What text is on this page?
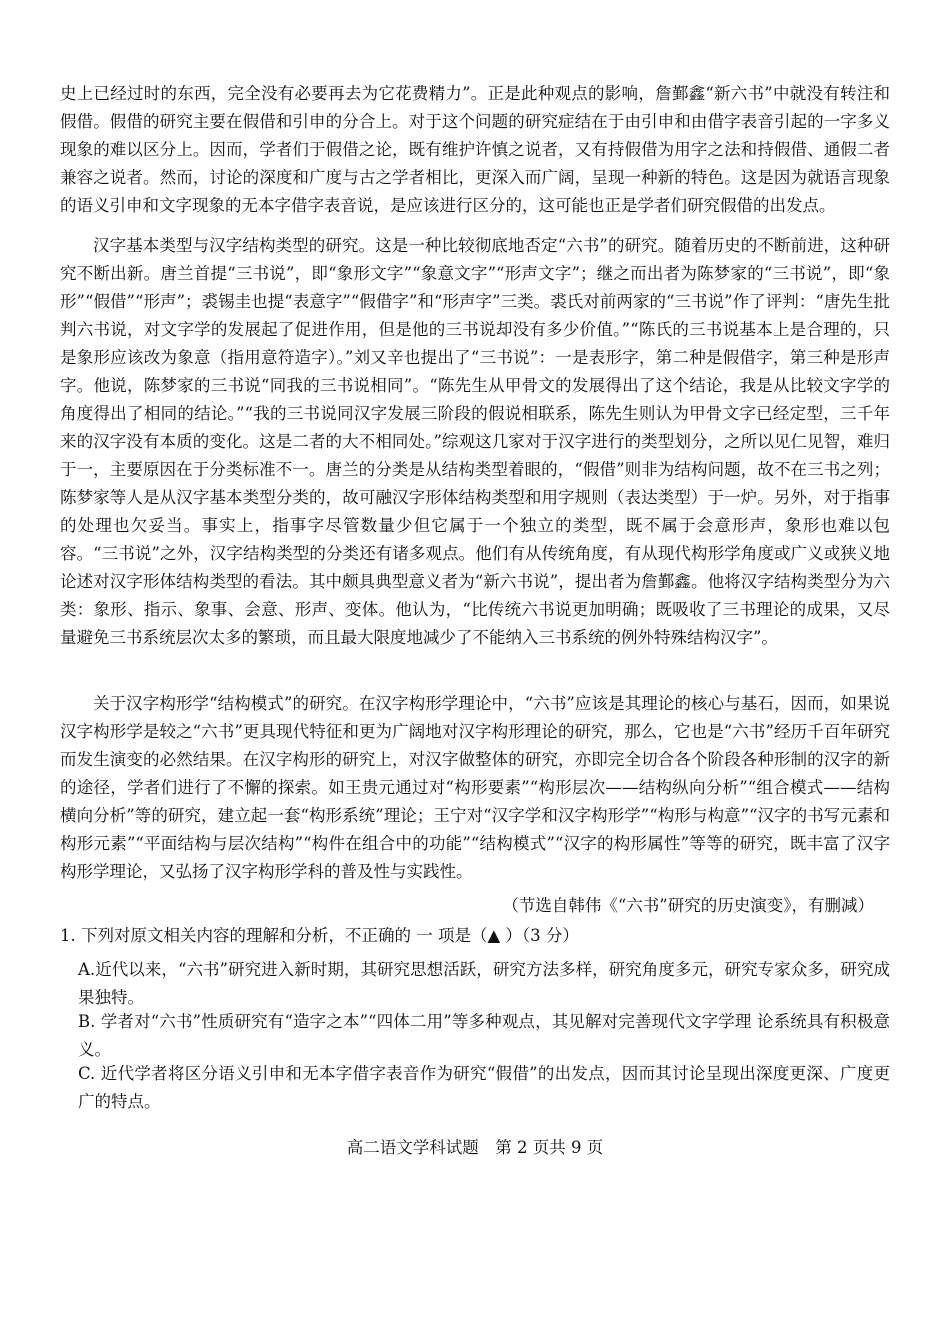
史上已经过时的东西，完全没有必要再去为它花费精力”。正是此种观点的影响，詹鄞鑫“新六书”中就没有转注和假借。假借的研究主要在假借和引申的分合上。对于这个问题的研究症结在于由引申和由借字表音引起的一字多义现象的难以区分上。因而，学者们于假借之论，既有维护许慎之说者，又有持假借为用字之法和持假借、通假二者兼容之说者。然而，讨论的深度和广度与古之学者相比，更深入而广阔，呈现一种新的特色。这是因为就语言现象的语义引申和文字现象的无本字借字表音说，是应该进行区分的，这可能也正是学者们研究假借的出发点。

汉字基本类型与汉字结构类型的研究。这是一种比较彻底地否定“六书”的研究。随着历史的不断前进，这种研究不断出新。唐兰首提“三书说”，即“象形文字”“象意文字”“形声文字”；继之而出者为陈梦家的“三书说”，即“象形”“假借”“形声”；裘锡圭也提“表意字”“假借字”和“形声字”三类。裘氏对前两家的“三书说”作了评判：“唐先生批判六书说，对文字学的发展起了促进作用，但是他的三书说却没有多少价值。”“陈氏的三书说基本上是合理的，只是象形应该改为象意（指用意符造字）。”刘又辛也提出了“三书说”：一是表形字，第二种是假借字，第三种是形声字。他说，陈梦家的三书说“同我的三书说相同”。“陈先生从甲骨文的发展得出了这个结论，我是从比较文字学的角度得出了相同的结论。”“我的三书说同汉字发展三阶段的假说相联系，陈先生则认为甲骨文字已经定型，三千年来的汉字没有本质的变化。这是二者的大不相同处。”综观这几家对于汉字进行的类型划分，之所以见仁见智，难归于一，主要原因在于分类标准不一。唐兰的分类是从结构类型着眼的，“假借”则非为结构问题，故不在三书之列；陈梦家等人是从汉字基本类型分类的，故可融汉字形体结构类型和用字规则（表达类型）于一炉。另外，对于指事的处理也欠妥当。事实上，指事字尽管数量少但它属于一个独立的类型，既不属于会意形声，象形也难以包容。“三书说”之外，汉字结构类型的分类还有诸多观点。他们有从传统角度，有从现代构形学角度或广义或狭义地论述对汉字形体结构类型的看法。其中颇具典型意义者为“新六书说”，提出者为詹鄞鑫。他将汉字结构类型分为六类：象形、指示、象事、会意、形声、变体。他认为，“比传统六书说更加明确；既吸收了三书理论的成果，又尽量避免三书系统层次太多的繁琐，而且最大限度地减少了不能纳入三书系统的例外特殊结构汉字”。

关于汉字构形学“结构模式”的研究。在汉字构形学理论中，“六书”应该是其理论的核心与基石，因而，如果说汉字构形学是较之“六书”更具现代特征和更为广阔地对汉字构形理论的研究，那么，它也是“六书”经历千百年研究而发生演变的必然结果。在汉字构形的研究上，对汉字做整体的研究，亦即完全切合各个阶段各种形制的汉字的新的途径，学者们进行了不懈的探索。如王贵元通过对“构形要素”“构形层次——结构纵向分析”“组合模式——结构横向分析”等的研究，建立起一套“构形系统”理论；王宁对“汉字学和汉字构形学”“构形与构意”“汉字的书写元素和构形元素”“平面结构与层次结构”“构件在组合中的功能”“结构模式”“汉字的构形属性”等等的研究，既丰富了汉字构形学理论，又弘扬了汉字构形学科的普及性与实践性。

（节选自韩伟《“六书”研究的历史演变》，有删减）
1. 下列对原文相关内容的理解和分析，不正确的 一 项是（▲ ）（3 分）
A.近代以来，“六书”研究进入新时期，其研究思想活跃，研究方法多样，研究角度多元，研究专家众多，研究成果独特。
B. 学者对“六书”性质研究有“造字之本”“四体二用”等多种观点，其见解对完善现代文字学理 论系统具有积极意义。
C. 近代学者将区分语义引申和无本字借字表音作为研究“假借”的出发点，因而其讨论呈现出深度更深、广度更广的特点。
高二语文学科试题　第 2 页共 9 页
